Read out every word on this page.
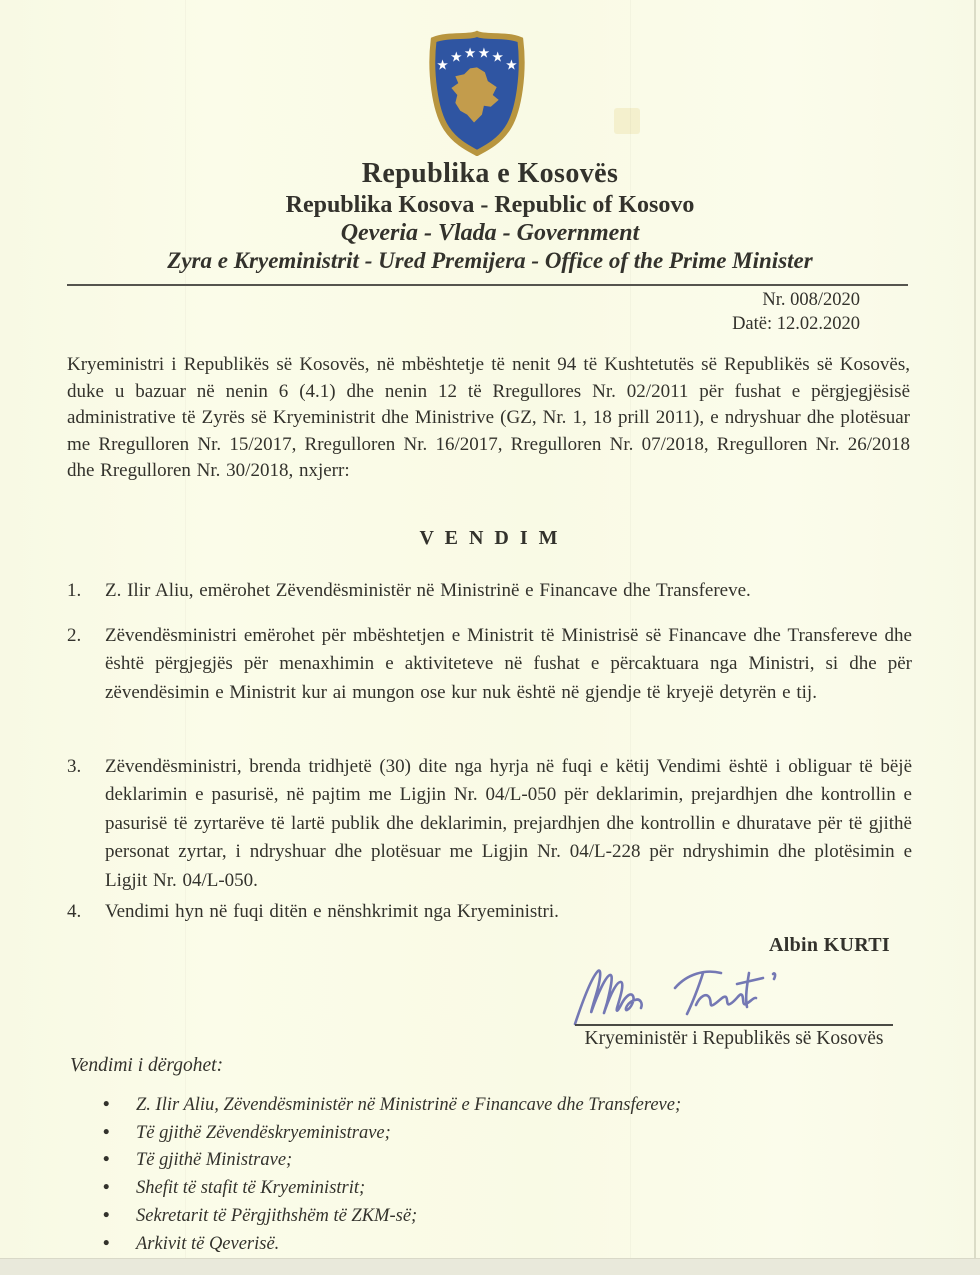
★ ★ ★ ★ ★ ★
Republika e Kosovës
Republika Kosova - Republic of Kosovo
Qeveria - Vlada - Government
Zyra e Kryeministrit - Ured Premijera - Office of the Prime Minister
Nr. 008/2020
Datë: 12.02.2020

Kryeministri i Republikës së Kosovës, në mbështetje të nenit 94 të Kushtetutës së Republikës së Kosovës, duke u bazuar në nenin 6 (4.1) dhe nenin 12 të Rregullores Nr. 02/2011 për fushat e përgjegjësisë administrative të Zyrës së Kryeministrit dhe Ministrive (GZ, Nr. 1, 18 prill 2011), e ndryshuar dhe plotësuar me Rregulloren Nr. 15/2017, Rregulloren Nr. 16/2017, Rregulloren Nr. 07/2018, Rregulloren Nr. 26/2018 dhe Rregulloren Nr. 30/2018, nxjerr:

V E N D I M
1.	Z. Ilir Aliu, emërohet Zëvendësministër në Ministrinë e Financave dhe Transfereve.
2.	Zëvendësministri emërohet për mbështetjen e Ministrit të Ministrisë së Financave dhe Transfereve dhe është përgjegjës për menaxhimin e aktiviteteve në fushat e përcaktuara nga Ministri, si dhe për zëvendësimin e Ministrit kur ai mungon ose kur nuk është në gjendje të kryejë detyrën e tij.
3.	Zëvendësministri, brenda tridhjetë (30) dite nga hyrja në fuqi e këtij Vendimi është i obliguar të bëjë deklarimin e pasurisë, në pajtim me Ligjin Nr. 04/L-050 për deklarimin, prejardhjen dhe kontrollin e pasurisë të zyrtarëve të lartë publik dhe deklarimin, prejardhjen dhe kontrollin e dhuratave për të gjithë personat zyrtar, i ndryshuar dhe plotësuar me Ligjin Nr. 04/L-228 për ndryshimin dhe plotësimin e Ligjit Nr. 04/L-050.
4.	Vendimi hyn në fuqi ditën e nënshkrimit nga Kryeministri.
Albin KURTI
Kryeministër i Republikës së Kosovës
Vendimi i dërgohet:
• Z. Ilir Aliu, Zëvendësministër në Ministrinë e Financave dhe Transfereve;
• Të gjithë Zëvendëskryeministrave;
• Të gjithë Ministrave;
• Shefit të stafit të Kryeministrit;
• Sekretarit të Përgjithshëm të ZKM-së;
• Arkivit të Qeverisë.
